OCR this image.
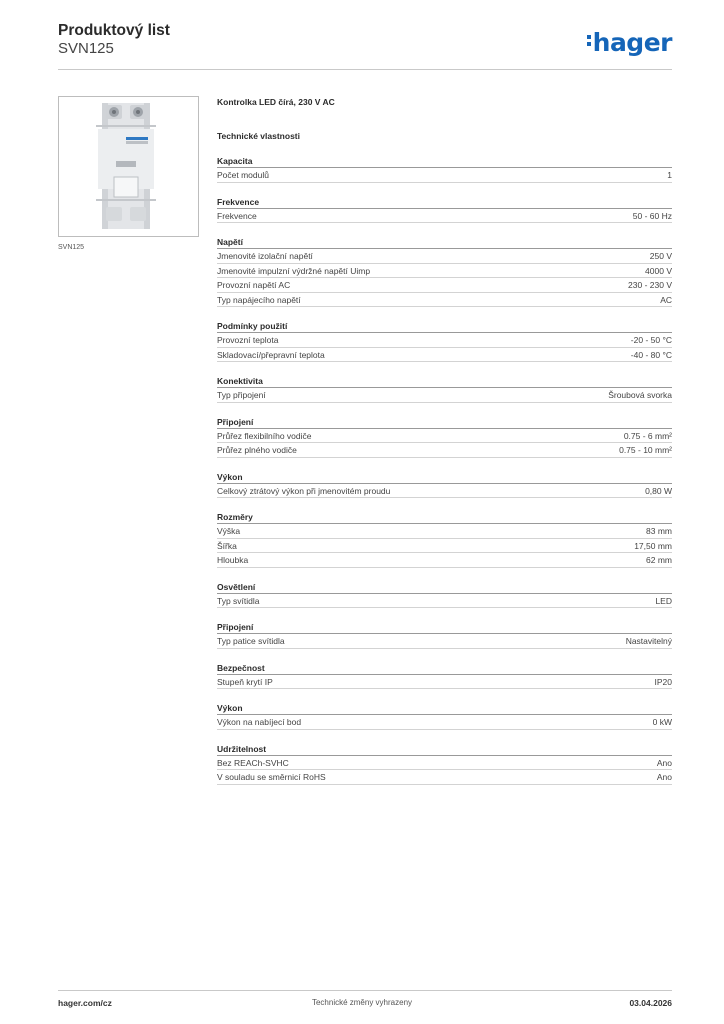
Produktový list
SVN125	hager
SVN125
Kontrolka LED čírá, 230 V AC
Technické vlastnosti
Kapacita
Počet modulů	1
Frekvence
Frekvence	50 - 60 Hz
Napětí
Jmenovité izolační napětí	250 V
Jmenovité impulzní výdržné napětí Uimp	4000 V
Provozní napětí AC	230 - 230 V
Typ napájecího napětí	AC
Podmínky použití
Provozní teplota	-20 - 50 °C
Skladovací/přepravní teplota	-40 - 80 °C
Konektivita
Typ připojení	Šroubová svorka
Připojení
Průřez flexibilního vodiče	0.75 - 6 mm²
Průřez plného vodiče	0.75 - 10 mm²
Výkon
Celkový ztrátový výkon při jmenovitém proudu	0,80 W
Rozměry
Výška	83 mm
Šířka	17,50 mm
Hloubka	62 mm
Osvětlení
Typ svítidla	LED
Připojení
Typ patice svítidla	Nastavitelný
Bezpečnost
Stupeň krytí IP	IP20
Výkon
Výkon na nabíjecí bod	0 kW
Udržitelnost
Bez REACh-SVHC	Ano
V souladu se směrnicí RoHS	Ano
hager.com/cz	Technické změny vyhrazeny	03.04.2026
